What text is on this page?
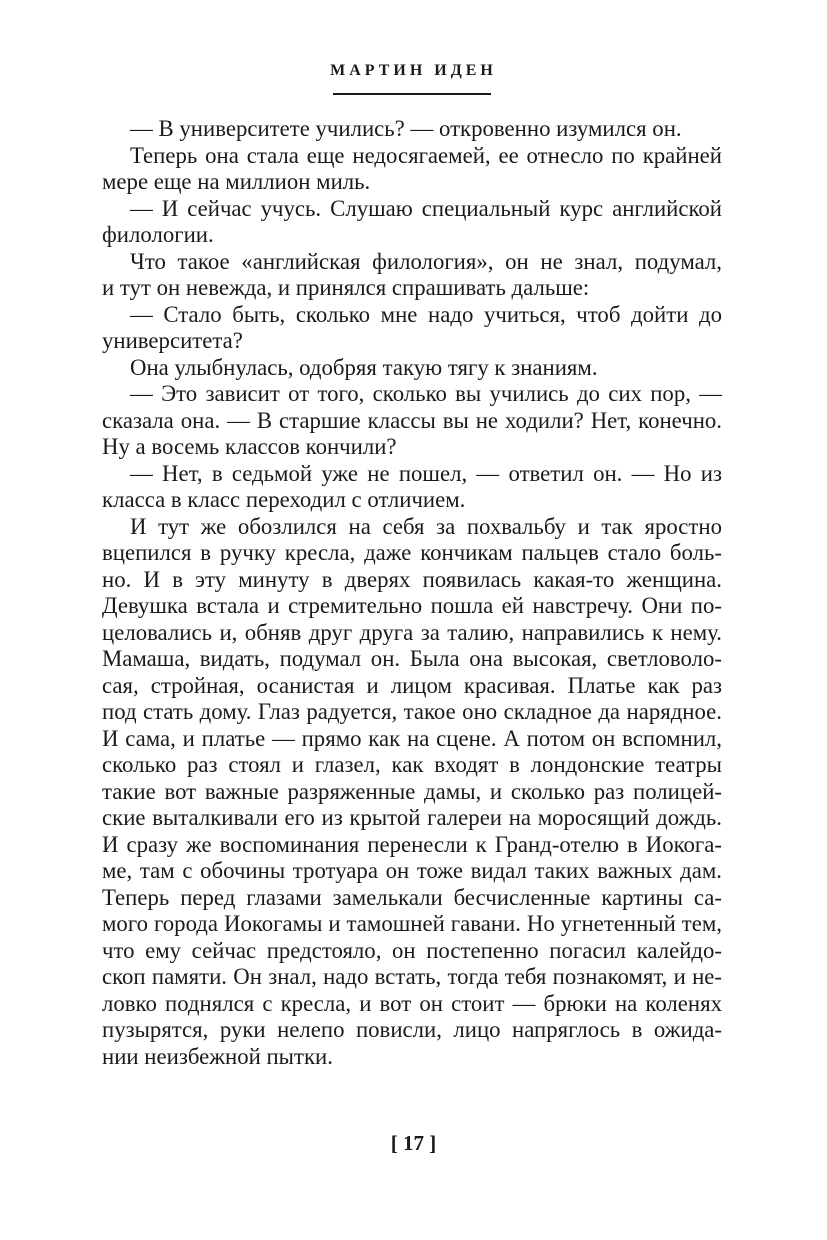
МАРТИН ИДЕН
— В университете учились? — откровенно изумился он.
Теперь она стала еще недосягаемей, ее отнесло по крайней
мере еще на миллион миль.
— И сейчас учусь. Слушаю специальный курс английской
филологии.
Что такое «английская филология», он не знал, подумал,
и тут он невежда, и принялся спрашивать дальше:
— Стало быть, сколько мне надо учиться, чтоб дойти до
университета?
Она улыбнулась, одобряя такую тягу к знаниям.
— Это зависит от того, сколько вы учились до сих пор, —
сказала она. — В старшие классы вы не ходили? Нет, конечно.
Ну а восемь классов кончили?
— Нет, в седьмой уже не пошел, — ответил он. — Но из
класса в класс переходил с отличием.
И тут же обозлился на себя за похвальбу и так яростно
вцепился в ручку кресла, даже кончикам пальцев стало боль-
но. И в эту минуту в дверях появилась какая-то женщина.
Девушка встала и стремительно пошла ей навстречу. Они по-
целовались и, обняв друг друга за талию, направились к нему.
Мамаша, видать, подумал он. Была она высокая, светловоло-
сая, стройная, осанистая и лицом красивая. Платье как раз
под стать дому. Глаз радуется, такое оно складное да нарядное.
И сама, и платье — прямо как на сцене. А потом он вспомнил,
сколько раз стоял и глазел, как входят в лондонские театры
такие вот важные разряженные дамы, и сколько раз полицей-
ские выталкивали его из крытой галереи на моросящий дождь.
И сразу же воспоминания перенесли к Гранд-отелю в Иокога-
ме, там с обочины тротуара он тоже видал таких важных дам.
Теперь перед глазами замелькали бесчисленные картины са-
мого города Иокогамы и тамошней гавани. Но угнетенный тем,
что ему сейчас предстояло, он постепенно погасил калейдо-
скоп памяти. Он знал, надо встать, тогда тебя познакомят, и не-
ловко поднялся с кресла, и вот он стоит — брюки на коленях
пузырятся, руки нелепо повисли, лицо напряглось в ожида-
нии неизбежной пытки.
[ 17 ]
